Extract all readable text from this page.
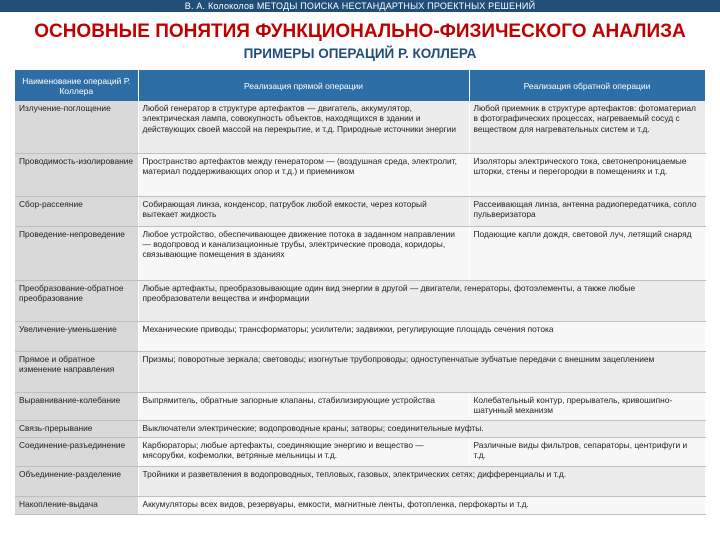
В. А. Колоколов МЕТОДЫ ПОИСКА НЕСТАНДАРТНЫХ ПРОЕКТНЫХ РЕШЕНИЙ
ОСНОВНЫЕ ПОНЯТИЯ ФУНКЦИОНАЛЬНО-ФИЗИЧЕСКОГО АНАЛИЗА
ПРИМЕРЫ ОПЕРАЦИЙ Р. КОЛЛЕРА
Наименование операций Р. Коллера	Реализация прямой операции	Реализация обратной операции
Излучение-поглощение	Любой генератор в структуре артефактов — двигатель, аккумулятор, электрическая лампа, совокупность объектов, находящихся в здании и действующих своей массой на перекрытие, и т.д. Природные источники энергии	Любой приемник в структуре артефактов: фотоматериал в фотографических процессах, нагреваемый сосуд с веществом для нагревательных систем и т.д.
Проводимость-изолирование	Пространство артефактов между генератором — (воздушная среда, электролит, материал поддерживающих опор и т.д.) и приемником	Изоляторы электрического тока, светонепроницаемые шторки, стены и перегородки в помещениях и т.д.
Сбор-рассеяние	Собирающая линза, конденсор, патрубок любой емкости, через который вытекает жидкость	Рассеивающая линза, антенна радиопередатчика, сопло пульверизатора
Проведение-непроведение	Любое устройство, обеспечивающее движение потока в заданном направлении — водопровод и канализационные трубы, электрические провода, коридоры, связывающие помещения в зданиях	Подающие капли дождя, световой луч, летящий снаряд
Преобразование-обратное преобразование	Любые артефакты, преобразовывающие один вид энергии в другой — двигатели, генераторы, фотоэлементы, а также любые преобразователи вещества и информации	
Увеличение-уменьшение	Механические приводы; трансформаторы; усилители; задвижки, регулирующие площадь сечения потока	
Прямое и обратное изменение направления	Призмы; поворотные зеркала; световоды; изогнутые трубопроводы; одноступенчатые зубчатые передачи с внешним зацеплением	
Выравнивание-колебание	Выпрямитель, обратные запорные клапаны, стабилизирующие устройства	Колебательный контур, прерыватель, кривошипно-шатунный механизм
Связь-прерывание	Выключатели электрические; водопроводные краны; затворы; соединительные муфты.	
Соединение-разъединение	Карбюраторы; любые артефакты, соединяющие энергию и вещество — мясорубки, кофемолки, ветряные мельницы и т.д.	Различные виды фильтров, сепараторы, центрифуги и т.д.
Объединение-разделение	Тройники и разветвления в водопроводных, тепловых, газовых, электрических сетях; дифференциалы и т.д.	
Накопление-выдача	Аккумуляторы всех видов, резервуары, емкости, магнитные ленты, фотопленка, перфокарты и т.д.	
